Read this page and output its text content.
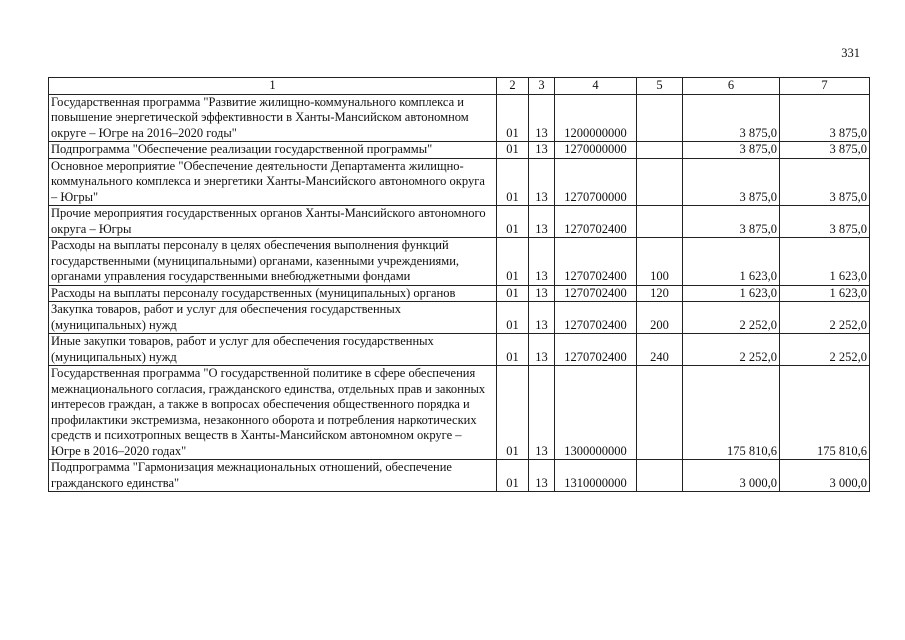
331
1	2	3	4	5	6	7
Государственная программа "Развитие жилищно-коммунального комплекса и повышение энергетической эффективности в Ханты-Мансийском автономном округе – Югре на 2016–2020 годы"	01	13	1200000000		3 875,0	3 875,0
Подпрограмма "Обеспечение реализации государственной программы"	01	13	1270000000		3 875,0	3 875,0
Основное мероприятие "Обеспечение деятельности Департамента жилищно-коммунального комплекса и энергетики Ханты-Мансийского автономного округа – Югры"	01	13	1270700000		3 875,0	3 875,0
Прочие мероприятия государственных органов Ханты-Мансийского автономного округа – Югры	01	13	1270702400		3 875,0	3 875,0
Расходы на выплаты персоналу в целях обеспечения выполнения функций государственными (муниципальными) органами, казенными учреждениями, органами управления государственными внебюджетными фондами	01	13	1270702400	100	1 623,0	1 623,0
Расходы на выплаты персоналу государственных (муниципальных) органов	01	13	1270702400	120	1 623,0	1 623,0
Закупка товаров, работ и услуг для обеспечения государственных (муниципальных) нужд	01	13	1270702400	200	2 252,0	2 252,0
Иные закупки товаров, работ и услуг для обеспечения государственных (муниципальных) нужд	01	13	1270702400	240	2 252,0	2 252,0
Государственная программа "О государственной политике в сфере обеспечения межнационального согласия, гражданского единства, отдельных прав и законных интересов граждан, а также в вопросах обеспечения общественного порядка и профилактики экстремизма, незаконного оборота и потребления наркотических средств и психотропных веществ в Ханты-Мансийском автономном округе – Югре в 2016–2020 годах"	01	13	1300000000		175 810,6	175 810,6
Подпрограмма "Гармонизация межнациональных отношений, обеспечение гражданского единства"	01	13	1310000000		3 000,0	3 000,0
